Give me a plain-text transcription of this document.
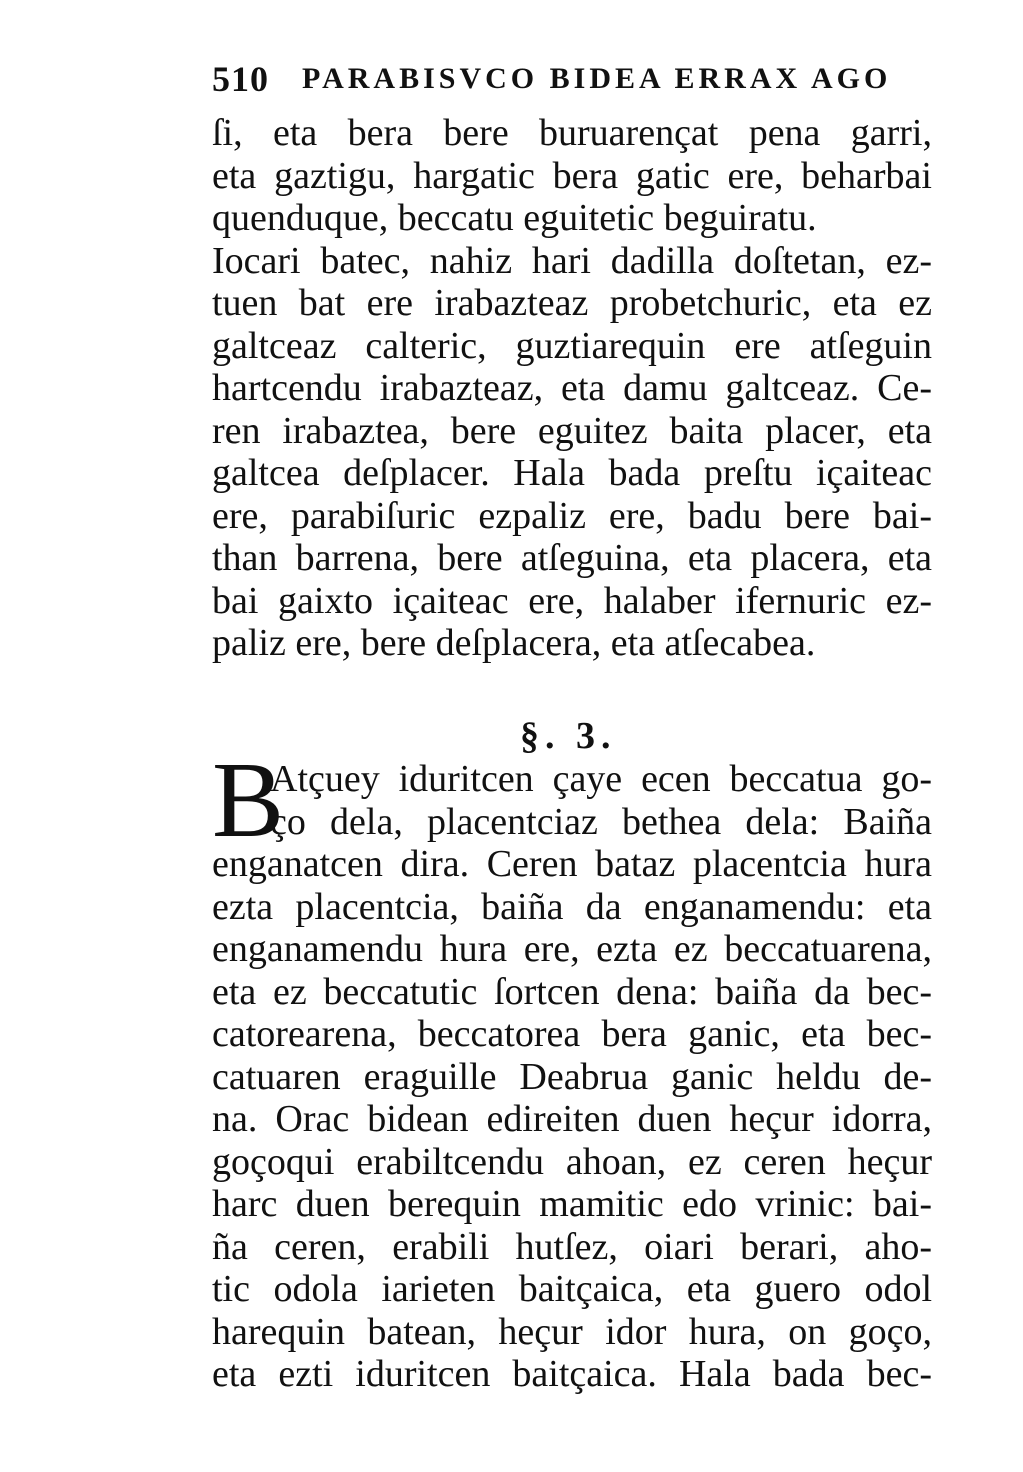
510 PARABISVCO BIDEA ERRAX AGO
ſi, eta bera bere buruarençat pena garri,
eta gaztigu, hargatic bera gatic ere, beharbai
quenduque, beccatu eguitetic beguiratu.
Iocari batec, nahiz hari dadilla doſtetan, ez-
tuen bat ere irabazteaz probetchuric, eta ez
galtceaz calteric, guztiarequin ere atſeguin
hartcendu irabazteaz, eta damu galtceaz. Ce-
ren irabaztea, bere eguitez baita placer, eta
galtcea deſplacer. Hala bada preſtu içaiteac
ere, parabiſuric ezpaliz ere, badu bere bai-
than barrena, bere atſeguina, eta placera, eta
bai gaixto içaiteac ere, halaber ifernuric ez-
paliz ere, bere deſplacera, eta atſecabea.
§. 3.
B
Atçuey iduritcen çaye ecen beccatua go-
ço dela, placentciaz bethea dela: Baiña
enganatcen dira. Ceren bataz placentcia hura
ezta placentcia, baiña da enganamendu: eta
enganamendu hura ere, ezta ez beccatuarena,
eta ez beccatutic ſortcen dena: baiña da bec-
catorearena, beccatorea bera ganic, eta bec-
catuaren eraguille Deabrua ganic heldu de-
na. Orac bidean edireiten duen heçur idorra,
goçoqui erabiltcendu ahoan, ez ceren heçur
harc duen berequin mamitic edo vrinic: bai-
ña ceren, erabili hutſez, oiari berari, aho-
tic odola iarieten baitçaica, eta guero odol
harequin batean, heçur idor hura, on goço,
eta ezti iduritcen baitçaica. Hala bada bec-
